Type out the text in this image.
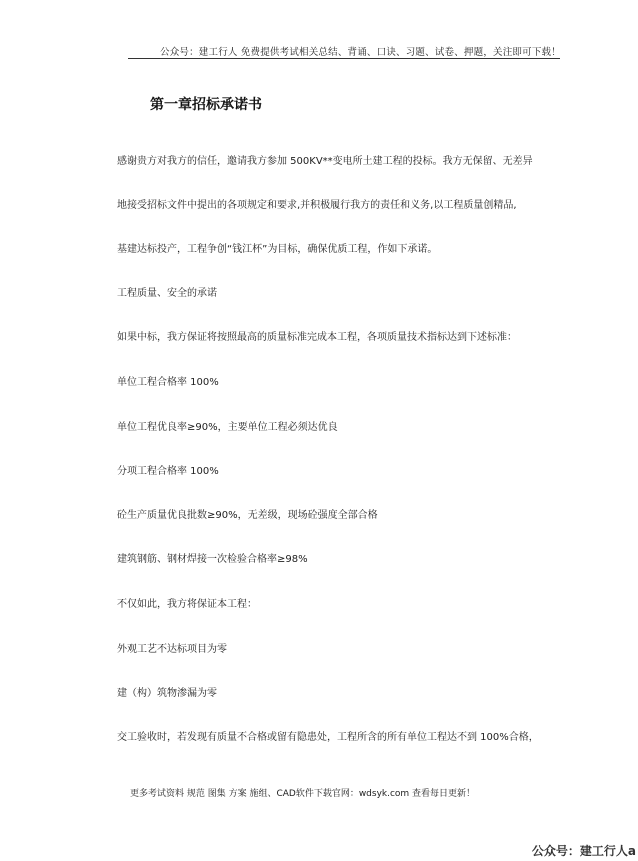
公众号：建工行人 免费提供考试相关总结、背诵、口诀、习题、试卷、押题，关注即可下载！
第一章招标承诺书
感谢贵方对我方的信任，邀请我方参加 500KV**变电所土建工程的投标。我方无保留、无差异
地接受招标文件中提出的各项规定和要求,并积极履行我方的责任和义务,以工程质量创精品,
基建达标投产，工程争创“钱江杯”为目标，确保优质工程，作如下承诺。
工程质量、安全的承诺
如果中标，我方保证将按照最高的质量标准完成本工程，各项质量技术指标达到下述标准：
单位工程合格率 100%
单位工程优良率≥90%，主要单位工程必须达优良
分项工程合格率 100%
砼生产质量优良批数≥90%，无差级，现场砼强度全部合格
建筑钢筋、钢材焊接一次检验合格率≥98%
不仅如此，我方将保证本工程：
外观工艺不达标项目为零
建（构）筑物渗漏为零
交工验收时，若发现有质量不合格或留有隐患处，工程所含的所有单位工程达不到 100%合格，
更多考试资料 规范 图集 方案 施组、CAD软件下载官网：wdsyk.com 查看每日更新！
公众号：建工行人a
